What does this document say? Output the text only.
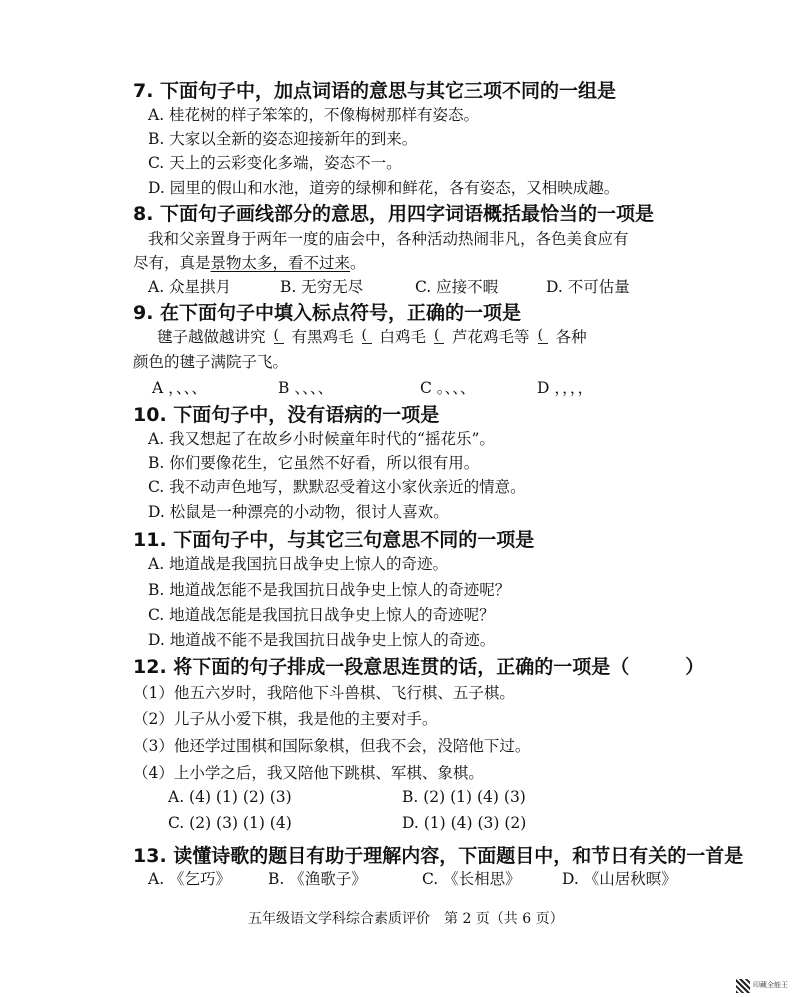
7. 下面句子中，加点词语的意思与其它三项不同的一组是
A. 桂花树的样子笨笨的，不像梅树那样有姿态。
B. 大家以全新的姿态迎接新年的到来。
C. 天上的云彩变化多端，姿态不一。
D. 园里的假山和水池，道旁的绿柳和鲜花，各有姿态，又相映成趣。
8. 下面句子画线部分的意思，用四字词语概括最恰当的一项是
我和父亲置身于两年一度的庙会中，各种活动热闹非凡，各色美食应有
尽有，真是景物太多，看不过来。
A. 众星拱月	B. 无穷无尽	C. 应接不暇	D. 不可估量
9. 在下面句子中填入标点符号，正确的一项是
毽子越做越讲究 ( 有黑鸡毛 ( 白鸡毛 ( 芦花鸡毛等 ( 各种
颜色的毽子满院子飞。
A ，、、、	B 、、、、	C 。、、、	D ，，，，
10. 下面句子中，没有语病的一项是
A. 我又想起了在故乡小时候童年时代的“摇花乐”。
B. 你们要像花生，它虽然不好看，所以很有用。
C. 我不动声色地写，默默忍受着这小家伙亲近的情意。
D. 松鼠是一种漂亮的小动物，很讨人喜欢。
11. 下面句子中，与其它三句意思不同的一项是
A. 地道战是我国抗日战争史上惊人的奇迹。
B. 地道战怎能不是我国抗日战争史上惊人的奇迹呢？
C. 地道战怎能是我国抗日战争史上惊人的奇迹呢？
D. 地道战不能不是我国抗日战争史上惊人的奇迹。
12. 将下面的句子排成一段意思连贯的话，正确的一项是（	）
（1）他五六岁时，我陪他下斗兽棋、飞行棋、五子棋。
（2）儿子从小爱下棋，我是他的主要对手。
（3）他还学过围棋和国际象棋，但我不会，没陪他下过。
（4）上小学之后，我又陪他下跳棋、军棋、象棋。
A. (4) (1) (2) (3)	B. (2) (1) (4) (3)
C. (2) (3) (1) (4)	D. (1) (4) (3) (2)
13. 读懂诗歌的题目有助于理解内容，下面题目中，和节日有关的一首是
A. 《乞巧》 B. 《渔歌子》	C. 《长相思》	D. 《山居秋暝》
五年级语文学科综合素质评价　第 2 页（共 6 页）
印藏全能王
